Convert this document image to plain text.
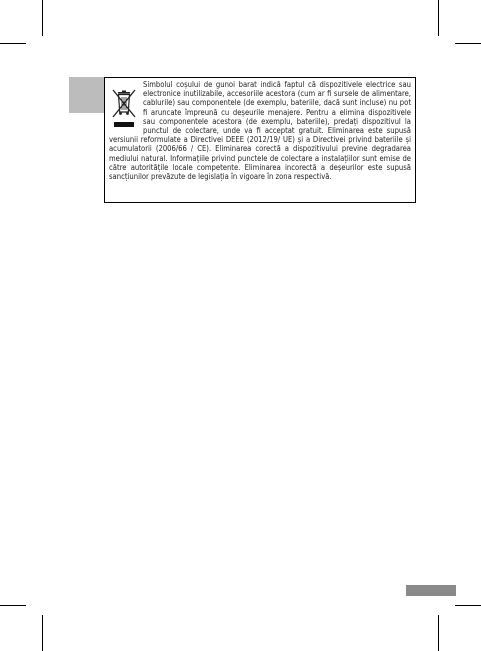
Simbolul coșului de gunoi barat indică faptul că dispozitivele electrice sau electronice inutilizabile, accesoriile acestora (cum ar fi sursele de alimentare, cablurile) sau componentele (de exemplu, bateriile, dacă sunt incluse) nu pot fi aruncate împreună cu deșeurile menajere. Pentru a elimina dispozitivele sau componentele acestora (de exemplu, bateriile), predați dispozitivul la punctul de colectare, unde va fi acceptat gratuit. Eliminarea este supusă versiunii reformulate a Directivei DEEE (2012/19/ UE) și a Directivei privind bateriile și acumulatorii (2006/66 / CE). Eliminarea corectă a dispozitivului previne degradarea mediului natural. Informațiile privind punctele de colectare a instalațiilor sunt emise de către autoritățile locale competente. Eliminarea incorectă a deșeurilor este supusă sancțiunilor prevăzute de legislația în vigoare în zona respectivă.
